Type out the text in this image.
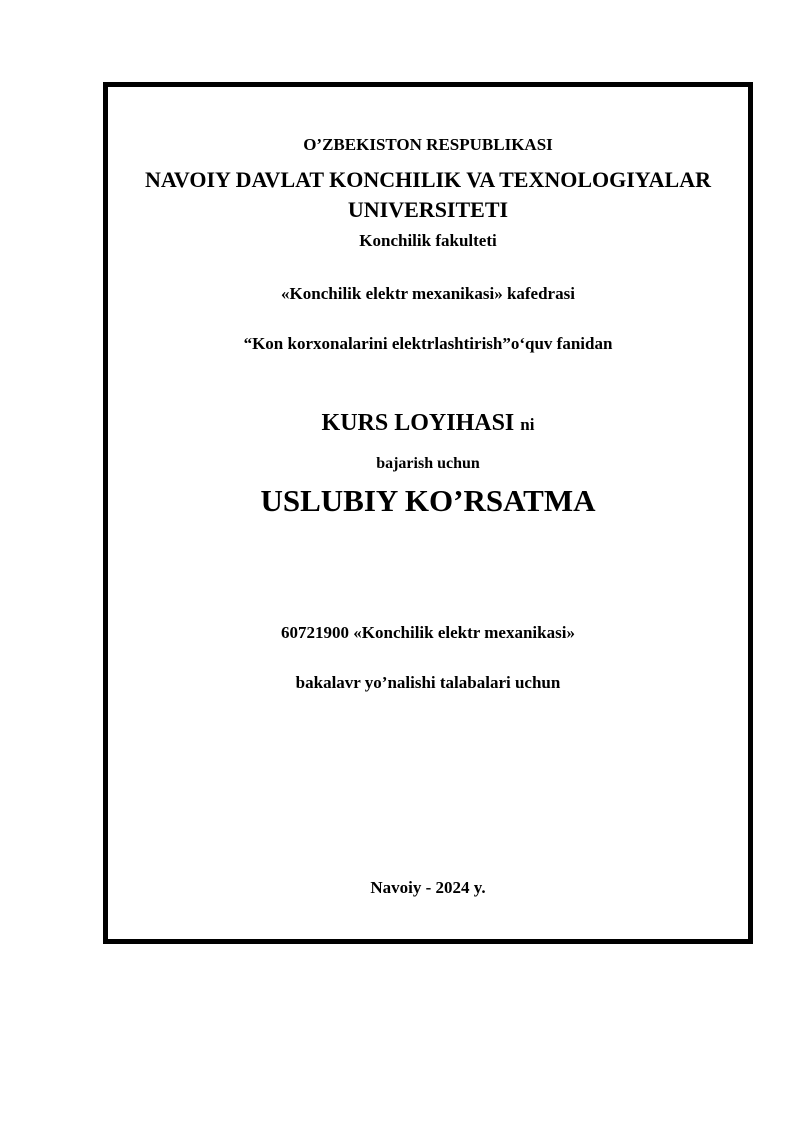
O’ZBEKISTON RESPUBLIKASI
NAVOIY DAVLAT KONCHILIK VA TEXNOLOGIYALAR UNIVERSITETI
Konchilik fakulteti
«Konchilik elektr mexanikasi» kafedrasi
“Kon korxonalarini elektrlashtirish”o‘quv fanidan
KURS LOYIHASI ni
bajarish uchun
USLUBIY KO’RSATMA
60721900 «Konchilik elektr mexanikasi»
bakalavr yo’nalishi talabalari uchun
Navoiy - 2024 y.
